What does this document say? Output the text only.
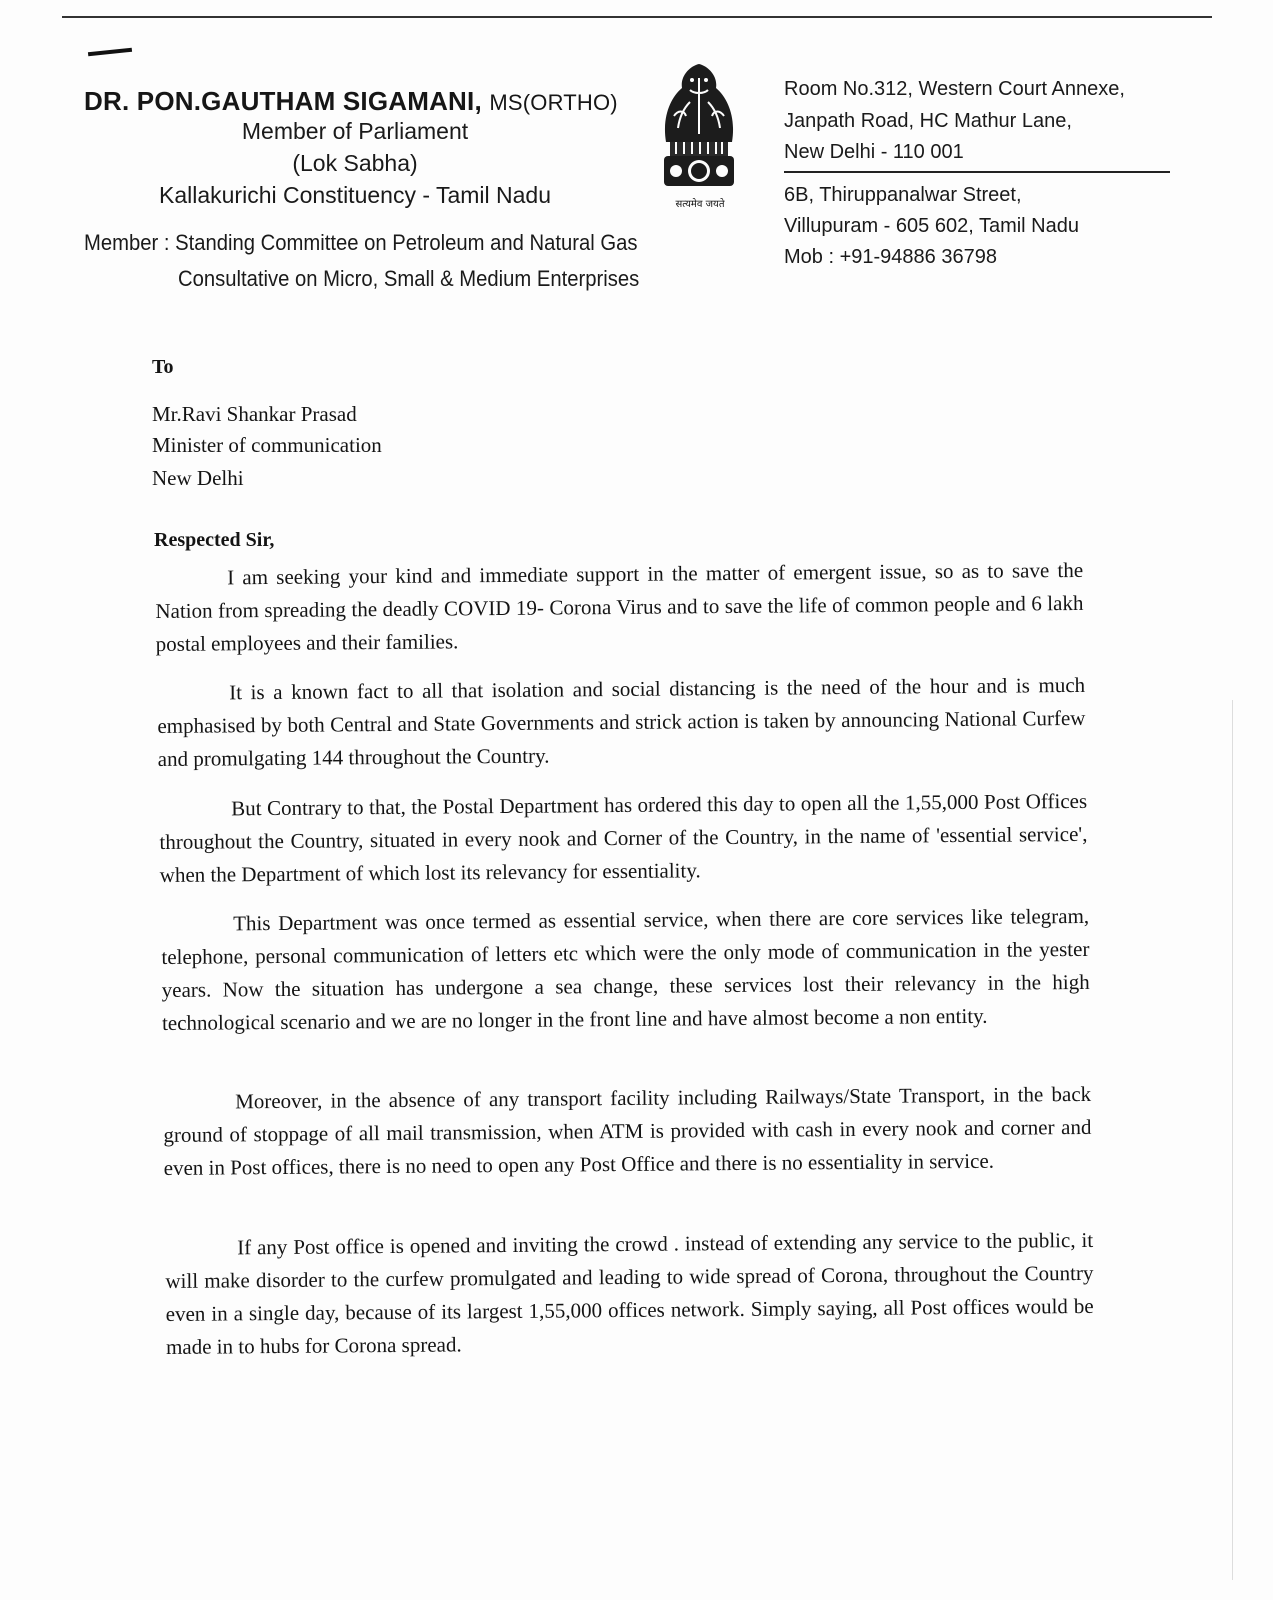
DR. PON.GAUTHAM SIGAMANI, MS(ORTHO)
Member of Parliament
(Lok Sabha)
Kallakurichi Constituency - Tamil Nadu
Member : Standing Committee on Petroleum and Natural Gas
Consultative on Micro, Small & Medium Enterprises
सत्यमेव जयते
Room No.312, Western Court Annexe,
Janpath Road, HC Mathur Lane,
New Delhi - 110 001
6B, Thiruppanalwar Street,
Villupuram - 605 602, Tamil Nadu
Mob : +91-94886 36798
To
Mr.Ravi Shankar Prasad
Minister of communication
New Delhi
Respected Sir,
I am seeking your kind and immediate support in the matter of emergent issue, so as to save the Nation from spreading the deadly COVID 19- Corona Virus and to save the life of common people and 6 lakh postal employees and their families.
It is a known fact to all that isolation and social distancing is the need of the hour and is much emphasised by both Central and State Governments and strick action is taken by announcing National Curfew and promulgating 144 throughout the Country.
But Contrary to that, the Postal Department has ordered this day to open all the 1,55,000 Post Offices throughout the Country, situated in every nook and Corner of the Country, in the name of 'essential service', when the Department of which lost its relevancy for essentiality.
This Department was once termed as essential service, when there are core services like telegram, telephone, personal communication of letters etc which were the only mode of communication in the yester years. Now the situation has undergone a sea change, these services lost their relevancy in the high technological scenario and we are no longer in the front line and have almost become a non entity.
Moreover, in the absence of any transport facility including Railways/State Transport, in the back ground of stoppage of all mail transmission, when ATM is provided with cash in every nook and corner and even in Post offices, there is no need to open any Post Office and there is no essentiality in service.
If any Post office is opened and inviting the crowd . instead of extending any service to the public, it will make disorder to the curfew promulgated and leading to wide spread of Corona, throughout the Country even in a single day, because of its largest 1,55,000 offices network. Simply saying, all Post offices would be made in to hubs for Corona spread.
